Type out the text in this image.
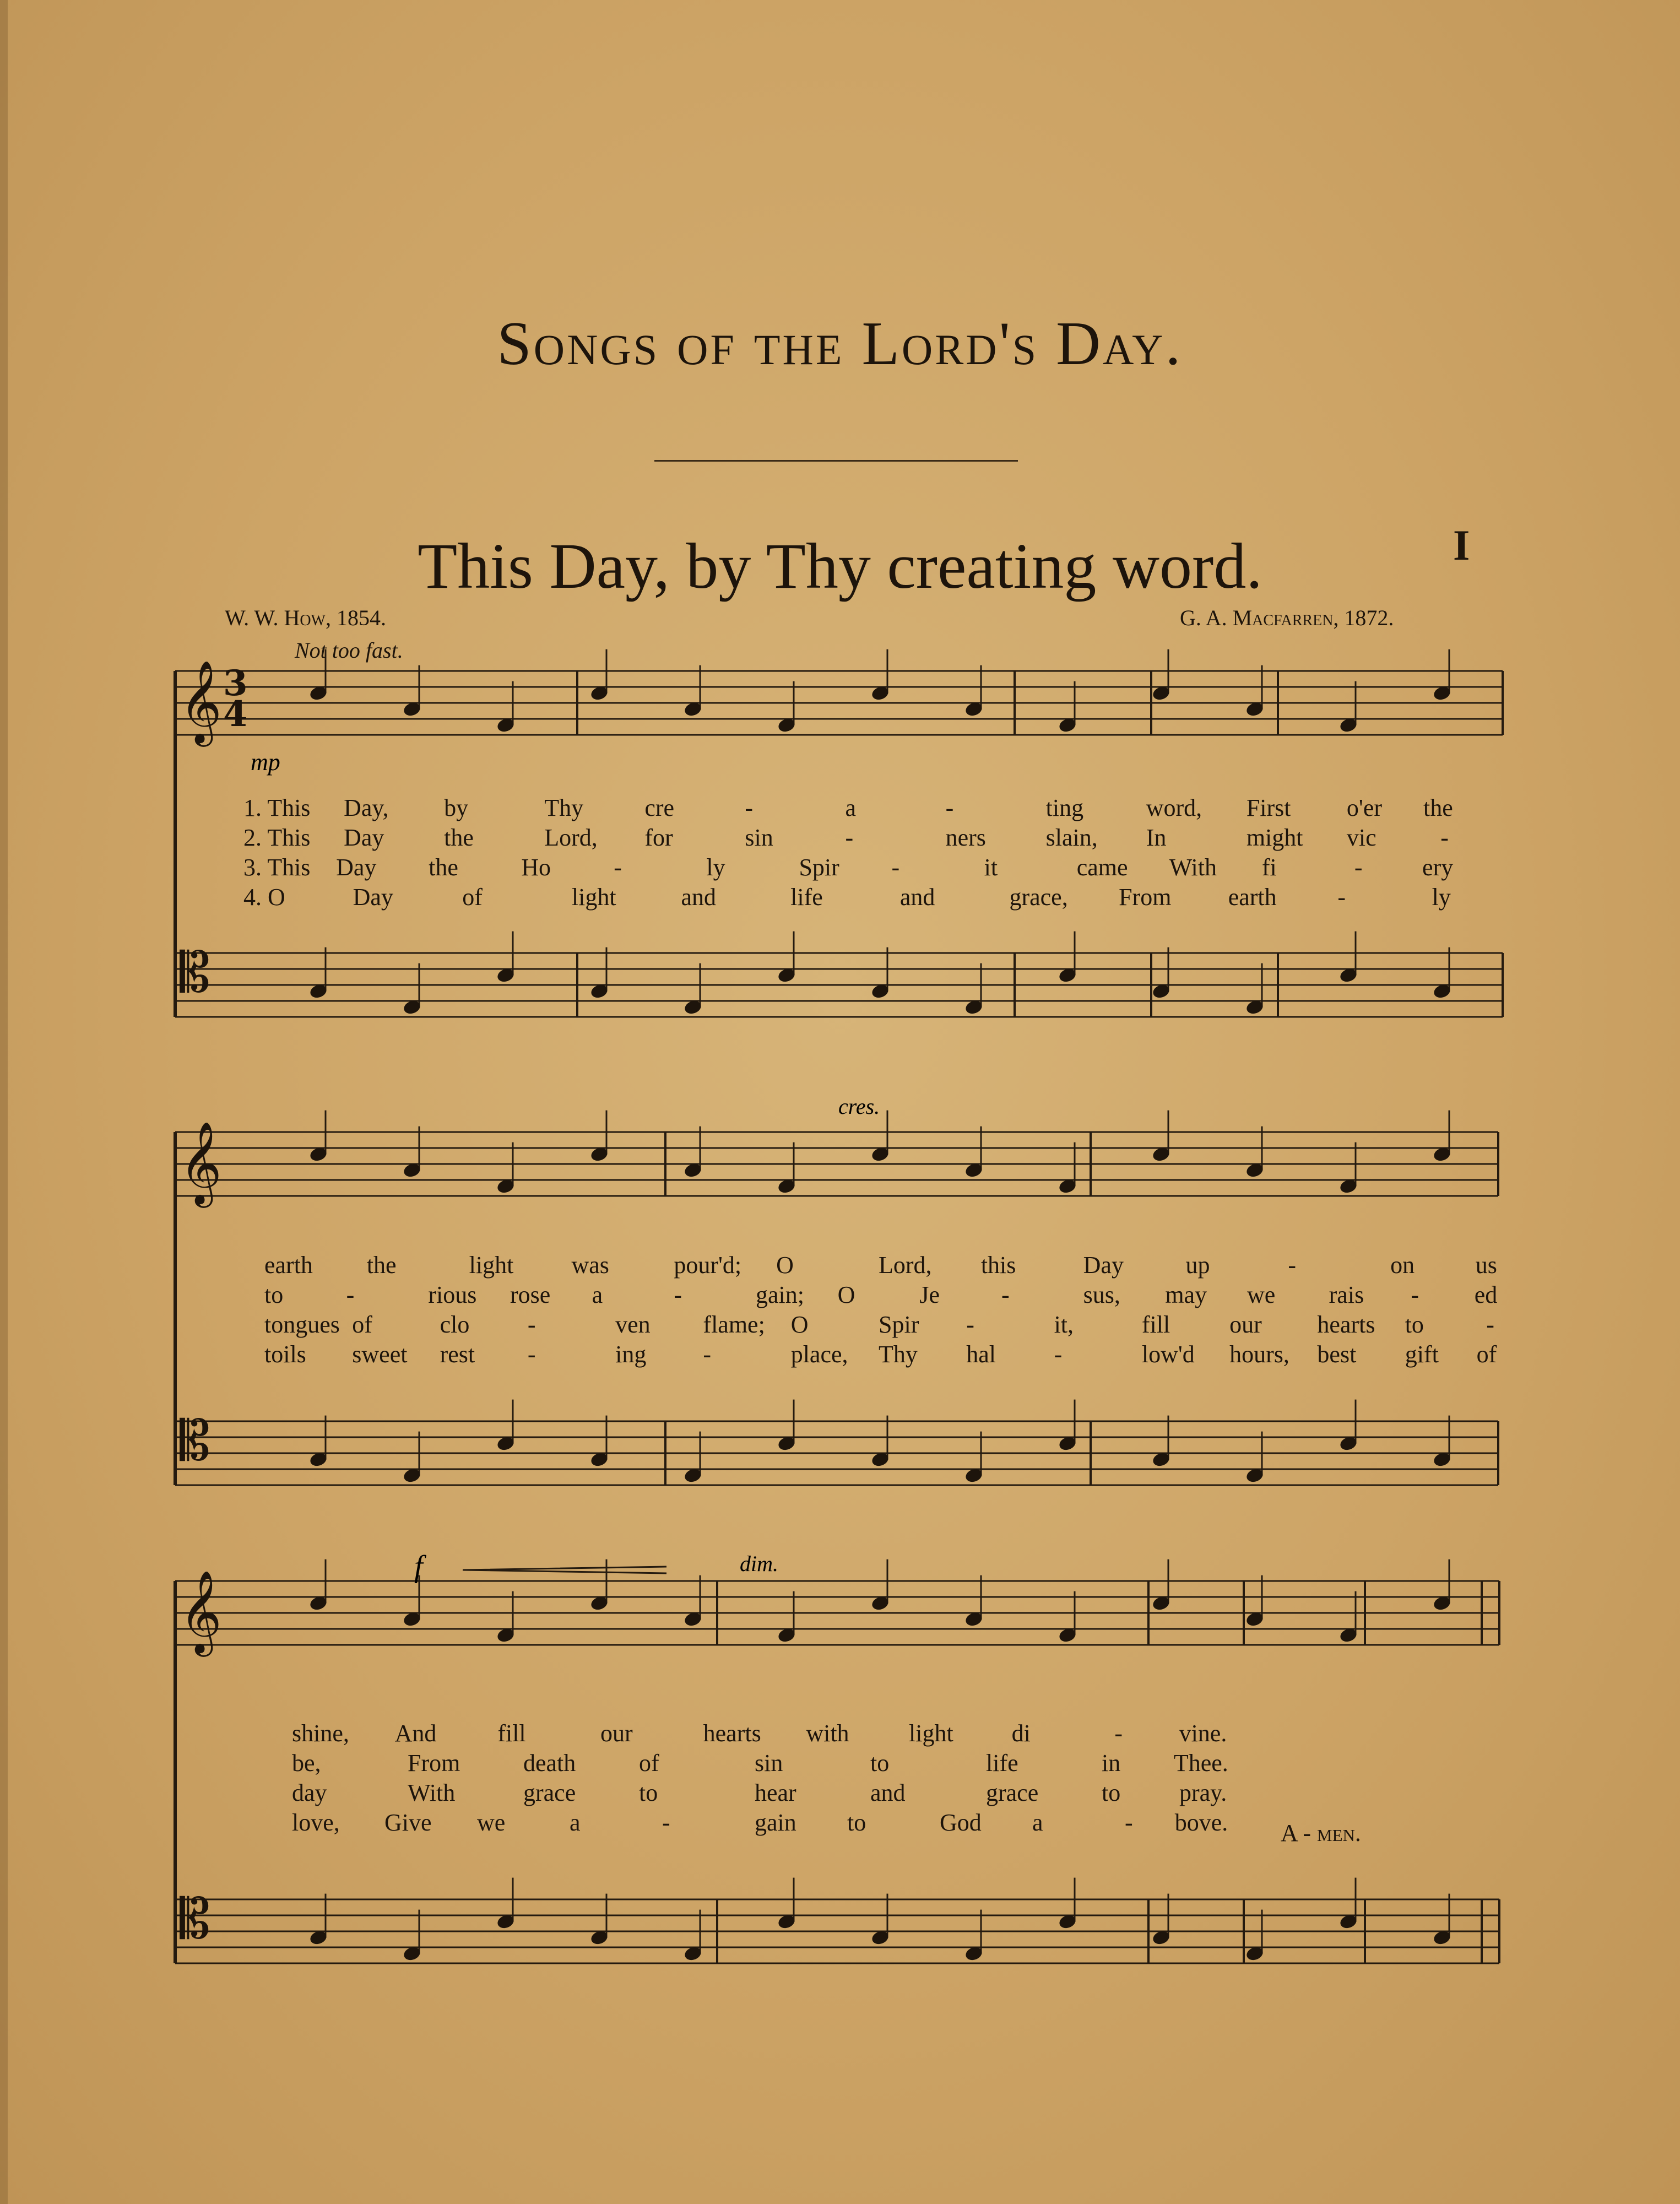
Songs of the Lord's Day.
This Day, by Thy creating word.	I
W. W. How, 1854.	G. A. Macfarren, 1872.
Not too fast.
𝄞
𝄡
3
4
𝄞
𝄡
𝄞
𝄡
mp
cres.
f	dim.
1. This Day, by	Thy	cre	-	a	-	ting	word, First o'er the
2. This Day the	Lord, for	sin	-	ners slain, In	might vic	-
3. This Day the	Ho	-	ly	Spir -	it	came With fi	- ery
4. O	Day	of	light	and	life	and	grace, From earth	-	ly
earth the	light was	pour'd; O	Lord, this	Day	up	-	on	us
to	-	rious rose a	-	gain; O	Je	-	sus, may we rais - ed
tongues of	clo -	ven flame; O	Spir -	it,	fill our hearts to	-
toils sweet rest -	ing -	place, Thy hal -	low'd hours, best gift of
shine, And	fill	our	hearts with light di	- vine.
be,	From	death	of	sin	to	life	in Thee.
day	With	grace	to	hear	and	grace	to pray.
love, Give we	a	-	gain to	God a	- bove. A - men.
